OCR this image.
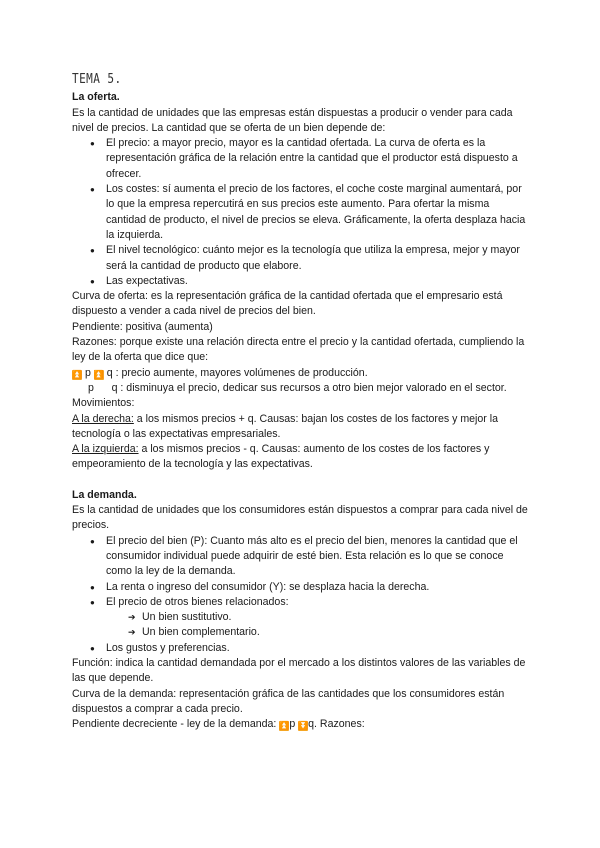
TEMA 5.

La oferta.

Es la cantidad de unidades que las empresas están dispuestas a producir o vender para cada nivel de precios. La cantidad que se oferta de un bien depende de:

● El precio: a mayor precio, mayor es la cantidad ofertada. La curva de oferta es la representación gráfica de la relación entre la cantidad que el productor está dispuesto a ofrecer.
● Los costes: sí aumenta el precio de los factores, el coche coste marginal aumentará, por lo que la empresa repercutirá en sus precios este aumento. Para ofertar la misma cantidad de producto, el nivel de precios se eleva. Gráficamente, la oferta desplaza hacia la izquierda.
● El nivel tecnológico: cuánto mejor es la tecnología que utiliza la empresa, mejor y mayor será la cantidad de producto que elabore.
● Las expectativas.

Curva de oferta: es la representación gráfica de la cantidad ofertada que el empresario está dispuesto a vender a cada nivel de precios del bien.

Pendiente: positiva (aumenta)

Razones: porque existe una relación directa entre el precio y la cantidad ofertada, cumpliendo la ley de la oferta que dice que:

⏫ p ⏫ q : precio aumente, mayores volúmenes de producción.

p q : disminuya el precio, dedicar sus recursos a otro bien mejor valorado en el sector.

Movimientos:

A la derecha: a los mismos precios + q. Causas: bajan los costes de los factores y mejor la tecnología o las expectativas empresariales.

A la izquierda: a los mismos precios - q. Causas: aumento de los costes de los factores y empeoramiento de la tecnología y las expectativas.

La demanda.

Es la cantidad de unidades que los consumidores están dispuestos a comprar para cada nivel de precios.

● El precio del bien (P): Cuanto más alto es el precio del bien, menores la cantidad que el consumidor individual puede adquirir de esté bien. Esta relación es lo que se conoce como la ley de la demanda.
● La renta o ingreso del consumidor (Y): se desplaza hacia la derecha.
● El precio de otros bienes relacionados:
➔ Un bien sustitutivo.
➔ Un bien complementario.
● Los gustos y preferencias.

Función: indica la cantidad demandada por el mercado a los distintos valores de las variables de las que depende.

Curva de la demanda: representación gráfica de las cantidades que los consumidores están dispuestos a comprar a cada precio.

Pendiente decreciente - ley de la demanda: ⏫p ⏬q. Razones:
